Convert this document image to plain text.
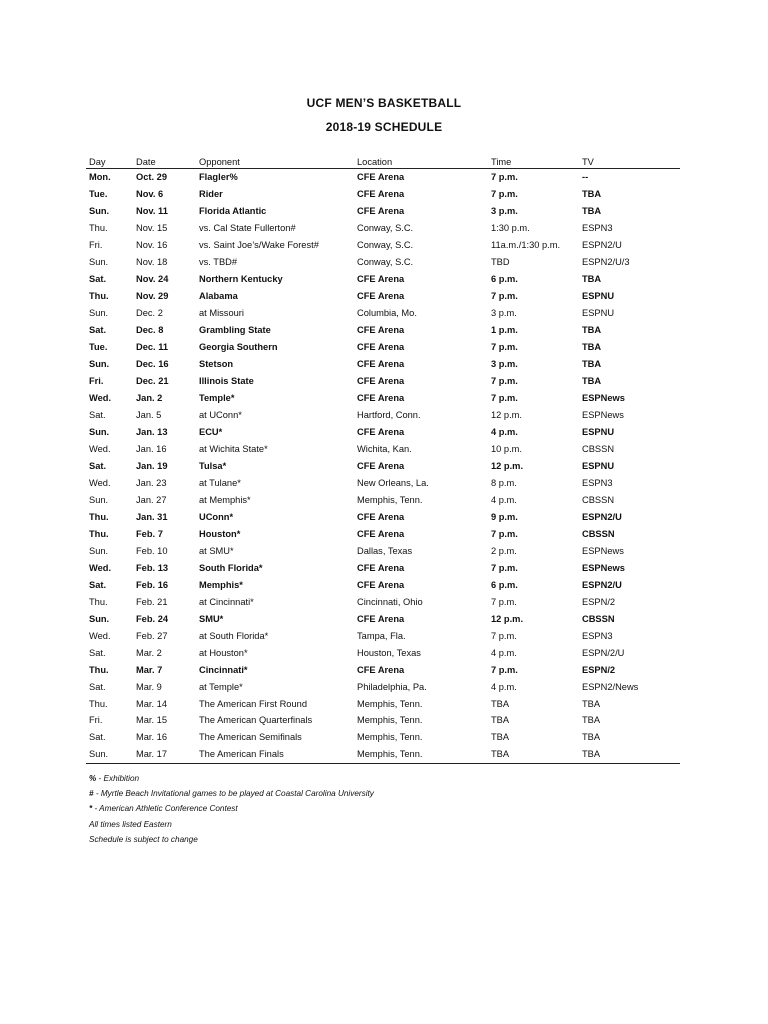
UCF MEN’S BASKETBALL
2018-19 SCHEDULE
Day	Date	Opponent	Location	Time	TV
Mon.	Oct. 29	Flagler%	CFE Arena	7 p.m.	--
Tue.	Nov. 6	Rider	CFE Arena	7 p.m.	TBA
Sun.	Nov. 11	Florida Atlantic	CFE Arena	3 p.m.	TBA
Thu.	Nov. 15	vs. Cal State Fullerton#	Conway, S.C.	1:30 p.m.	ESPN3
Fri.	Nov. 16	vs. Saint Joe’s/Wake Forest#	Conway, S.C.	11a.m./1:30 p.m.	ESPN2/U
Sun.	Nov. 18	vs. TBD#	Conway, S.C.	TBD	ESPN2/U/3
Sat.	Nov. 24	Northern Kentucky	CFE Arena	6 p.m.	TBA
Thu.	Nov. 29	Alabama	CFE Arena	7 p.m.	ESPNU
Sun.	Dec. 2	at Missouri	Columbia, Mo.	3 p.m.	ESPNU
Sat.	Dec. 8	Grambling State	CFE Arena	1 p.m.	TBA
Tue.	Dec. 11	Georgia Southern	CFE Arena	7 p.m.	TBA
Sun.	Dec. 16	Stetson	CFE Arena	3 p.m.	TBA
Fri.	Dec. 21	Illinois State	CFE Arena	7 p.m.	TBA
Wed.	Jan. 2	Temple*	CFE Arena	7 p.m.	ESPNews
Sat.	Jan. 5	at UConn*	Hartford, Conn.	12 p.m.	ESPNews
Sun.	Jan. 13	ECU*	CFE Arena	4 p.m.	ESPNU
Wed.	Jan. 16	at Wichita State*	Wichita, Kan.	10 p.m.	CBSSN
Sat.	Jan. 19	Tulsa*	CFE Arena	12 p.m.	ESPNU
Wed.	Jan. 23	at Tulane*	New Orleans, La.	8 p.m.	ESPN3
Sun.	Jan. 27	at Memphis*	Memphis, Tenn.	4 p.m.	CBSSN
Thu.	Jan. 31	UConn*	CFE Arena	9 p.m.	ESPN2/U
Thu.	Feb. 7	Houston*	CFE Arena	7 p.m.	CBSSN
Sun.	Feb. 10	at SMU*	Dallas, Texas	2 p.m.	ESPNews
Wed.	Feb. 13	South Florida*	CFE Arena	7 p.m.	ESPNews
Sat.	Feb. 16	Memphis*	CFE Arena	6 p.m.	ESPN2/U
Thu.	Feb. 21	at Cincinnati*	Cincinnati, Ohio	7 p.m.	ESPN/2
Sun.	Feb. 24	SMU*	CFE Arena	12 p.m.	CBSSN
Wed.	Feb. 27	at South Florida*	Tampa, Fla.	7 p.m.	ESPN3
Sat.	Mar. 2	at Houston*	Houston, Texas	4 p.m.	ESPN/2/U
Thu.	Mar. 7	Cincinnati*	CFE Arena	7 p.m.	ESPN/2
Sat.	Mar. 9	at Temple*	Philadelphia, Pa.	4 p.m.	ESPN2/News
Thu.	Mar. 14	The American First Round	Memphis, Tenn.	TBA	TBA
Fri.	Mar. 15	The American Quarterfinals	Memphis, Tenn.	TBA	TBA
Sat.	Mar. 16	The American Semifinals	Memphis, Tenn.	TBA	TBA
Sun.	Mar. 17	The American Finals	Memphis, Tenn.	TBA	TBA
% - Exhibition
# - Myrtle Beach Invitational games to be played at Coastal Carolina University
* - American Athletic Conference Contest
All times listed Eastern
Schedule is subject to change
